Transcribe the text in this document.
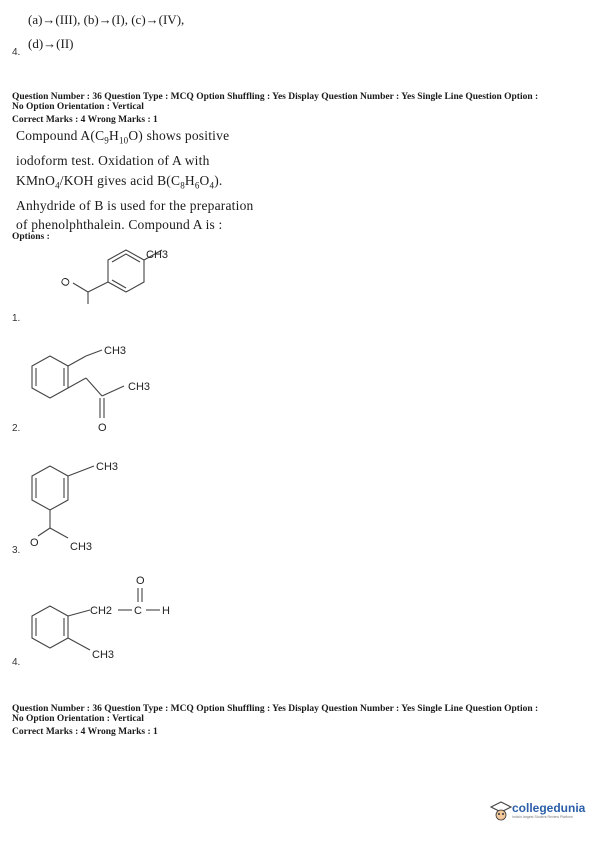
(a)→(III), (b)→(I), (c)→(IV),
4.
(d)→(II)
Question Number : 36 Question Type : MCQ Option Shuffling : Yes Display Question Number : Yes Single Line Question Option :
No Option Orientation : Vertical
Correct Marks : 4 Wrong Marks : 1
Compound $A(C_9H_{10}O)$ shows positive
iodoform test. Oxidation of A with
KMnO$_4$/KOH gives acid $B(C_8H_6O_4)$.
Anhydride of B is used for the preparation
of phenolphthalein. Compound A is :
Options :
CH3
O
1.
CH3
CH3
O
2.
CH3
O	CH3
3.
O
CH2 C H
CH3
4.
Question Number : 36 Question Type : MCQ Option Shuffling : Yes Display Question Number : Yes Single Line Question Option :
No Option Orientation : Vertical
Correct Marks : 4 Wrong Marks : 1
collegedunia
India's largest Student Review Platform
